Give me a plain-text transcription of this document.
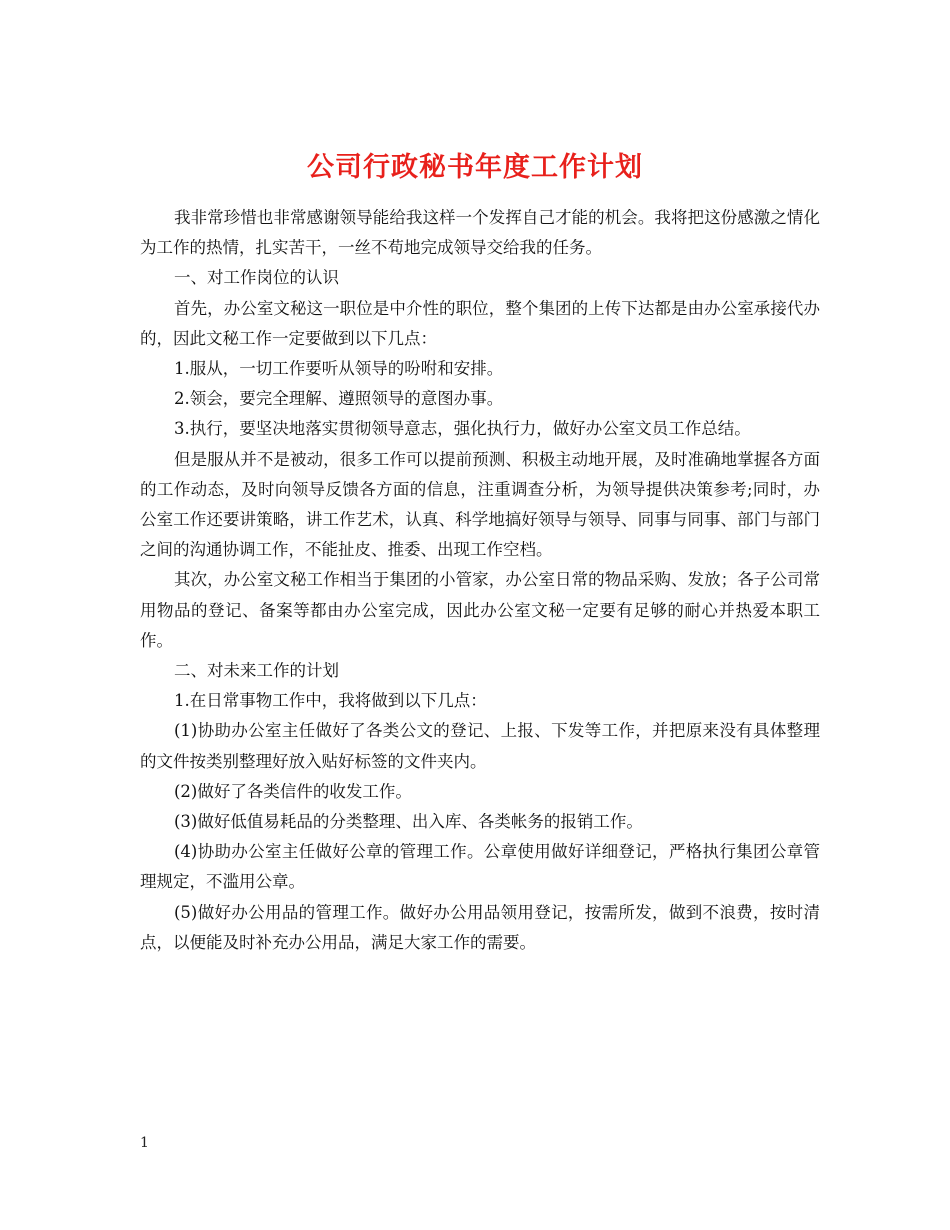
公司行政秘书年度工作计划

我非常珍惜也非常感谢领导能给我这样一个发挥自己才能的机会。我将把这份感激之情化为工作的热情，扎实苦干，一丝不苟地完成领导交给我的任务。

一、对工作岗位的认识

首先，办公室文秘这一职位是中介性的职位，整个集团的上传下达都是由办公室承接代办的，因此文秘工作一定要做到以下几点：

1.服从，一切工作要听从领导的吩咐和安排。

2.领会，要完全理解、遵照领导的意图办事。

3.执行，要坚决地落实贯彻领导意志，强化执行力，做好办公室文员工作总结。

但是服从并不是被动，很多工作可以提前预测、积极主动地开展，及时准确地掌握各方面的工作动态，及时向领导反馈各方面的信息，注重调查分析，为领导提供决策参考;同时，办公室工作还要讲策略，讲工作艺术，认真、科学地搞好领导与领导、同事与同事、部门与部门之间的沟通协调工作，不能扯皮、推委、出现工作空档。

其次，办公室文秘工作相当于集团的小管家，办公室日常的物品采购、发放；各子公司常用物品的登记、备案等都由办公室完成，因此办公室文秘一定要有足够的耐心并热爱本职工作。

二、对未来工作的计划

1.在日常事物工作中，我将做到以下几点：

(1)协助办公室主任做好了各类公文的登记、上报、下发等工作，并把原来没有具体整理的文件按类别整理好放入贴好标签的文件夹内。

(2)做好了各类信件的收发工作。

(3)做好低值易耗品的分类整理、出入库、各类帐务的报销工作。

(4)协助办公室主任做好公章的管理工作。公章使用做好详细登记，严格执行集团公章管理规定，不滥用公章。

(5)做好办公用品的管理工作。做好办公用品领用登记，按需所发，做到不浪费，按时清点，以便能及时补充办公用品，满足大家工作的需要。

1
